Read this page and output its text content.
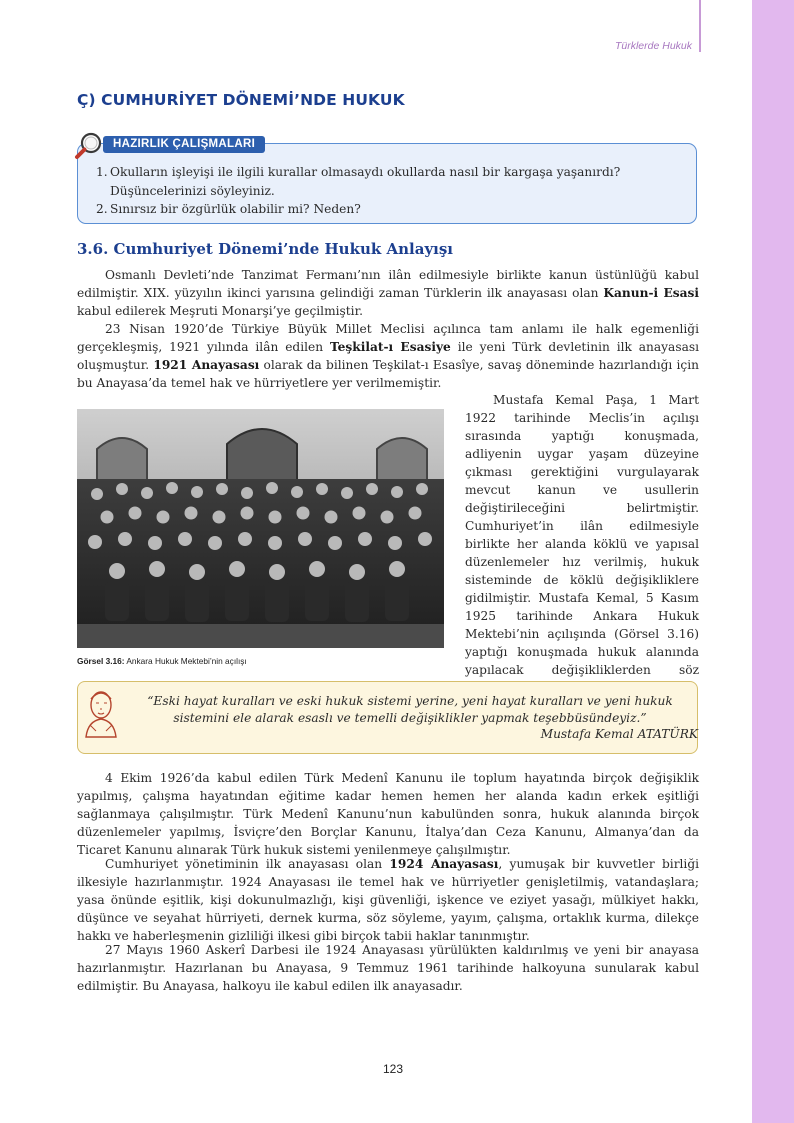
Türklerde Hukuk
Ç) CUMHURİYET DÖNEMİ’NDE HUKUK
HAZIRLIK ÇALIŞMALARI
1. Okulların işleyişi ile ilgili kurallar olmasaydı okullarda nasıl bir kargaşa yaşanırdı? Düşüncelerinizi söyleyiniz.
2. Sınırsız bir özgürlük olabilir mi? Neden?
3.6. Cumhuriyet Dönemi’nde Hukuk Anlayışı
Osmanlı Devleti’nde Tanzimat Fermanı’nın ilân edilmesiyle birlikte kanun üstünlüğü kabul edilmiştir. XIX. yüzyılın ikinci yarısına gelindiği zaman Türklerin ilk anayasası olan Kanun-i Esasi kabul edilerek Meşruti Monarşi’ye geçilmiştir.
23 Nisan 1920’de Türkiye Büyük Millet Meclisi açılınca tam anlamı ile halk egemenliği gerçekleşmiş, 1921 yılında ilân edilen Teşkilat-ı Esasiye ile yeni Türk devletinin ilk anayasası oluşmuştur. 1921 Anayasası olarak da bilinen Teşkilat-ı Esasîye, savaş döneminde hazırlandığı için bu Anayasa’da temel hak ve hürriyetlere yer verilmemiştir.
Görsel 3.16: Ankara Hukuk Mektebi’nin açılışı
Mustafa Kemal Paşa, 1 Mart 1922 tarihinde Meclis’in açılışı sırasında yaptığı konuşmada, adliyenin uygar yaşam düzeyine çıkması gerektiğini vurgulayarak mevcut kanun ve usullerin değiştirileceğini belirtmiştir. Cumhuriyet’in ilân edilmesiyle birlikte her alanda köklü ve yapısal düzenlemeler hız verilmiş, hukuk sisteminde de köklü değişikliklere gidilmiştir. Mustafa Kemal, 5 Kasım 1925 tarihinde Ankara Hukuk Mektebi’nin açılışında (Görsel 3.16) yaptığı konuşmada hukuk alanında yapılacak değişikliklerden söz
“Eski hayat kuralları ve eski hukuk sistemi yerine, yeni hayat kuralları ve yeni hukuk sistemini ele alarak esaslı ve temelli değişiklikler yapmak teşebbüsündeyiz.”
Mustafa Kemal ATATÜRK
4 Ekim 1926’da kabul edilen Türk Medenî Kanunu ile toplum hayatında birçok değişiklik yapılmış, çalışma hayatından eğitime kadar hemen hemen her alanda kadın erkek eşitliği sağlanmaya çalışılmıştır. Türk Medenî Kanunu’nun kabulünden sonra, hukuk alanında birçok düzenlemeler yapılmış, İsviçre’den Borçlar Kanunu, İtalya’dan Ceza Kanunu, Almanya’dan da Ticaret Kanunu alınarak Türk hukuk sistemi yenilenmeye çalışılmıştır.
Cumhuriyet yönetiminin ilk anayasası olan 1924 Anayasası, yumuşak bir kuvvetler birliği ilkesiyle hazırlanmıştır. 1924 Anayasası ile temel hak ve hürriyetler genişletilmiş, vatandaşlara; yasa önünde eşitlik, kişi dokunulmazlığı, kişi güvenliği, işkence ve eziyet yasağı, mülkiyet hakkı, düşünce ve seyahat hürriyeti, dernek kurma, söz söyleme, yayım, çalışma, ortaklık kurma, dilekçe hakkı ve haberleşmenin gizliliği ilkesi gibi birçok tabii haklar tanınmıştır.
27 Mayıs 1960 Askerî Darbesi ile 1924 Anayasası yürülükten kaldırılmış ve yeni bir anayasa hazırlanmıştır. Hazırlanan bu Anayasa, 9 Temmuz 1961 tarihinde halkoyuna sunularak kabul edilmiştir. Bu Anayasa, halkoyu ile kabul edilen ilk anayasadır.
123
